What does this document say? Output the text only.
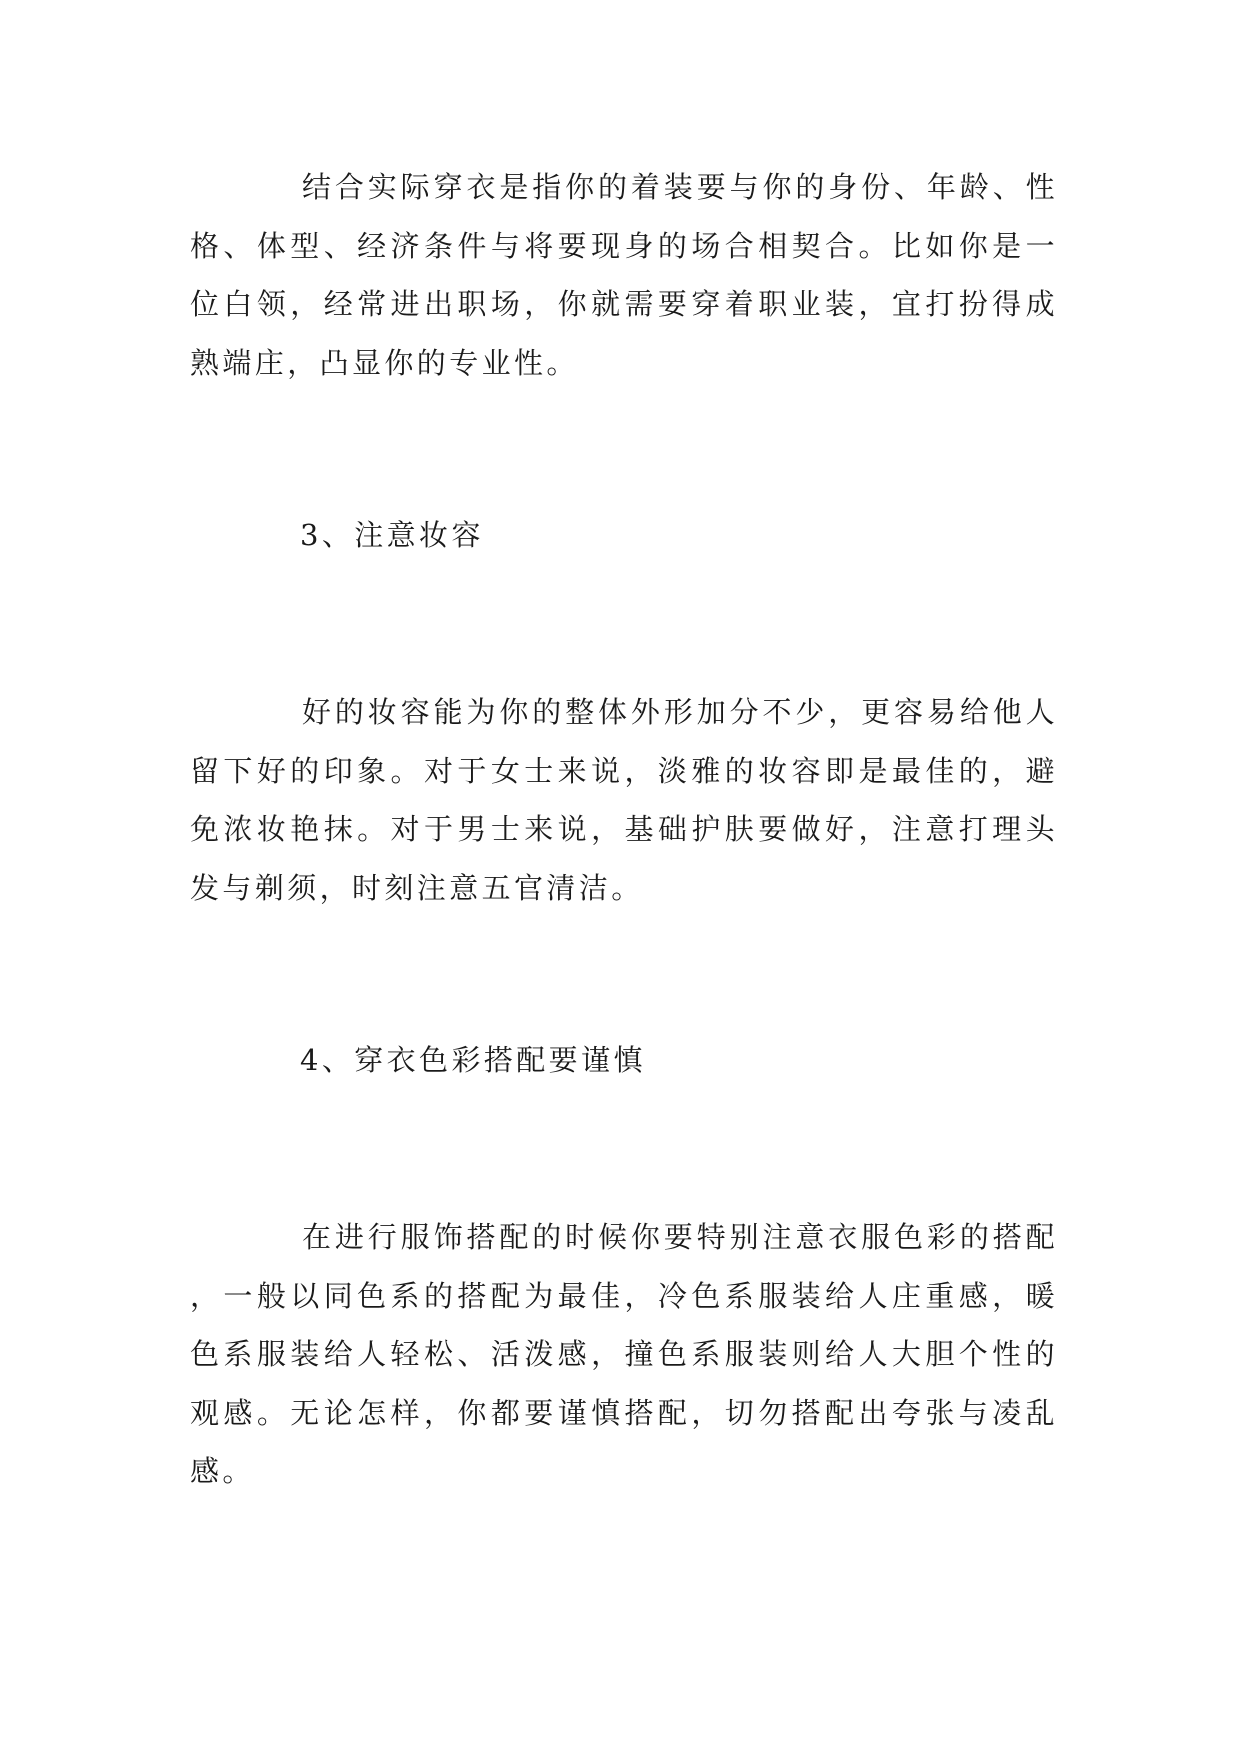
结合实际穿衣是指你的着装要与你的身份、年龄、性格、体型、经济条件与将要现身的场合相契合。比如你是一位白领，经常进出职场，你就需要穿着职业装，宜打扮得成熟端庄，凸显你的专业性。

3、注意妆容

好的妆容能为你的整体外形加分不少，更容易给他人留下好的印象。对于女士来说，淡雅的妆容即是最佳的，避免浓妆艳抹。对于男士来说，基础护肤要做好，注意打理头发与剃须，时刻注意五官清洁。

4、穿衣色彩搭配要谨慎

在进行服饰搭配的时候你要特别注意衣服色彩的搭配，一般以同色系的搭配为最佳，冷色系服装给人庄重感，暖色系服装给人轻松、活泼感，撞色系服装则给人大胆个性的观感。无论怎样，你都要谨慎搭配，切勿搭配出夸张与凌乱感。
